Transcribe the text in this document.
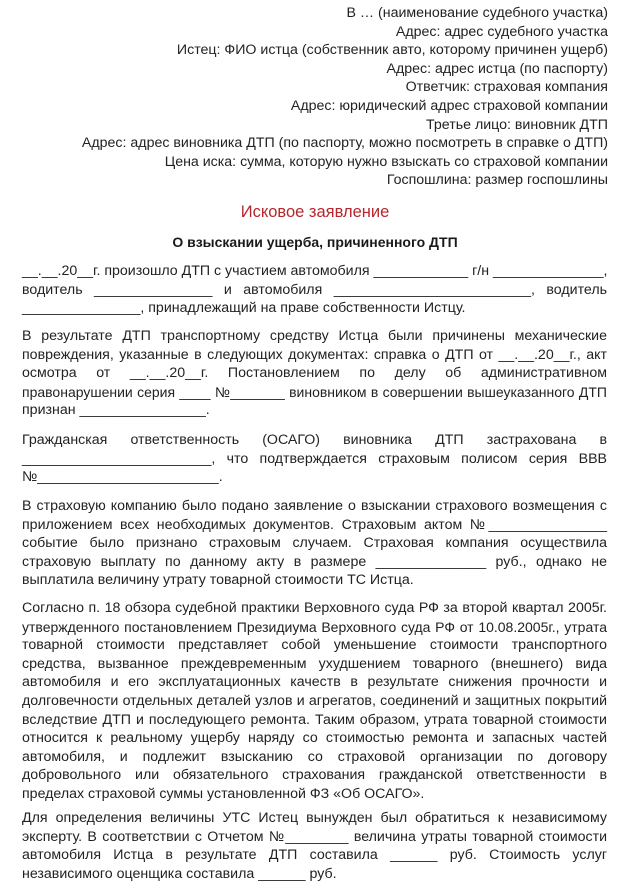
В … (наименование судебного участка)
Адрес: адрес судебного участка
Истец: ФИО истца (собственник авто, которому причинен ущерб)
Адрес: адрес истца (по паспорту)
Ответчик: страховая компания
Адрес: юридический адрес страховой компании
Третье лицо: виновник ДТП
Адрес: адрес виновника ДТП (по паспорту, можно посмотреть в справке о ДТП)
Цена иска: сумма, которую нужно взыскать со страховой компании
Госпошлина: размер госпошлины
Исковое заявление
О взыскании ущерба, причиненного ДТП
__.__.20__г. произошло ДТП с участием автомобиля ____________ г/н ______________,
водитель _______________ и автомобиля _________________________, водитель
_______________, принадлежащий на праве собственности Истцу.
В результате ДТП транспортному средству Истца были причинены механические
повреждения, указанные в следующих документах: справка о ДТП от __.__.20__г., акт
осмотра от __.__.20__г. Постановлением по делу об административном
правонарушении серия ____ №_______ виновником в совершении вышеуказанного ДТП
признан ________________.
Гражданская ответственность (ОСАГО) виновника ДТП застрахована в
________________________, что подтверждается страховым полисом серия ВВВ
№_______________________.
В страховую компанию было подано заявление о взыскании страхового возмещения с
приложением всех необходимых документов. Страховым актом №_______________
событие было признано страховым случаем. Страховая компания осуществила
страховую выплату по данному акту в размере ______________ руб., однако не
выплатила величину утрату товарной стоимости ТС Истца.
Согласно п. 18 обзора судебной практики Верховного суда РФ за второй квартал 2005г.
утвержденного постановлением Президиума Верховного суда РФ от 10.08.2005г., утрата
товарной стоимости представляет собой уменьшение стоимости транспортного
средства, вызванное преждевременным ухудшением товарного (внешнего) вида
автомобиля и его эксплуатационных качеств в результате снижения прочности и
долговечности отдельных деталей узлов и агрегатов, соединений и защитных покрытий
вследствие ДТП и последующего ремонта. Таким образом, утрата товарной стоимости
относится к реальному ущербу наряду со стоимостью ремонта и запасных частей
автомобиля, и подлежит взысканию со страховой организации по договору
добровольного или обязательного страхования гражданской ответственности в
пределах страховой суммы установленной ФЗ «Об ОСАГО».
Для определения величины УТС Истец вынужден был обратиться к независимому
эксперту. В соответствии с Отчетом №________ величина утраты товарной стоимости
автомобиля Истца в результате ДТП составила ______ руб. Стоимость услуг
независимого оценщика составила ______ руб.
